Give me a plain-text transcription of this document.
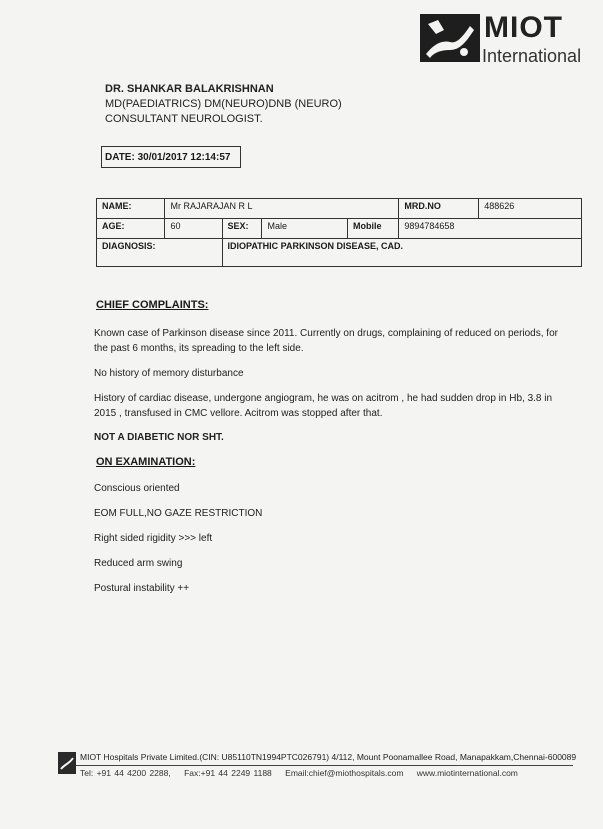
MIOT
International
DR. SHANKAR BALAKRISHNAN
MD(PAEDIATRICS) DM(NEURO)DNB (NEURO)
CONSULTANT NEUROLOGIST.
DATE: 30/01/2017 12:14:57
NAME:	Mr RAJARAJAN R L				MRD.NO	488626
AGE:	60	SEX:	Male	Mobile	9894784658	
DIAGNOSIS:		IDIOPATHIC PARKINSON DISEASE, CAD.				
CHIEF COMPLAINTS:
Known case of Parkinson disease since 2011. Currently on drugs, complaining of reduced on periods, for the past 6 months, its spreading to the left side.
No history of memory disturbance
History of cardiac disease, undergone angiogram, he was on acitrom , he had sudden drop in Hb, 3.8 in 2015 , transfused in CMC vellore. Acitrom was stopped after that.
NOT A DIABETIC NOR SHT.
ON EXAMINATION:
Conscious oriented
EOM FULL,NO GAZE RESTRICTION
Right sided rigidity >>> left
Reduced arm swing
Postural instability ++
MIOT Hospitals Private Limited.(CIN: U85110TN1994PTC026791) 4/112, Mount Poonamallee Road, Manapakkam,Chennai-600089
Tel: +91 44 4200 2288, Fax:+91 44 2249 1188 Email:chief@miothospitals.com www.miotinternational.com
